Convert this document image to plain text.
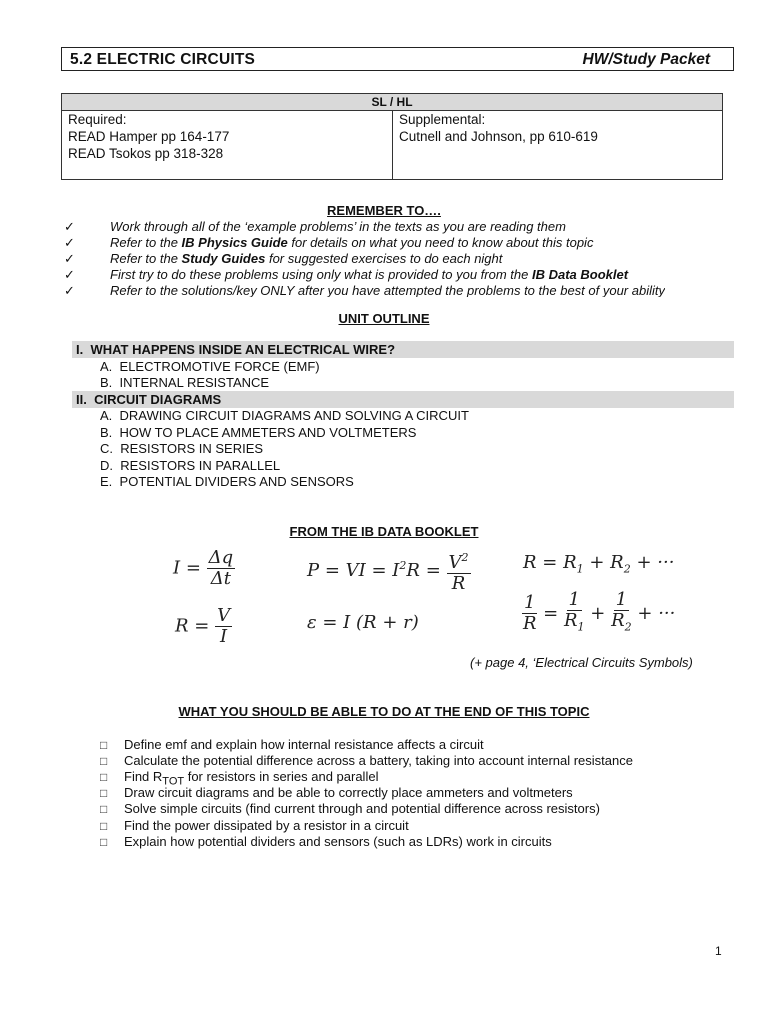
5.2 ELECTRIC CIRCUITS	HW/Study Packet
SL / HL
Required:
READ Hamper pp 164-177
READ Tsokos pp 318-328
Supplemental:
Cutnell and Johnson, pp 610-619
REMEMBER TO….
✓	Work through all of the ‘example problems’ in the texts as you are reading them
✓	Refer to the IB Physics Guide for details on what you need to know about this topic
✓	Refer to the Study Guides for suggested exercises to do each night
✓	First try to do these problems using only what is provided to you from the IB Data Booklet
✓	Refer to the solutions/key ONLY after you have attempted the problems to the best of your ability
UNIT OUTLINE
I. WHAT HAPPENS INSIDE AN ELECTRICAL WIRE?
A. ELECTROMOTIVE FORCE (EMF)
B. INTERNAL RESISTANCE
II. CIRCUIT DIAGRAMS
A. DRAWING CIRCUIT DIAGRAMS AND SOLVING A CIRCUIT
B. HOW TO PLACE AMMETERS AND VOLTMETERS
C. RESISTORS IN SERIES
D. RESISTORS IN PARALLEL
E. POTENTIAL DIVIDERS AND SENSORS
FROM THE IB DATA BOOKLET
$I = \frac{\Delta q}{\Delta t}$	P = VI = $I^2R = \frac{V^2}{R}$	$R = R_1 + R_2$ + ···
$R = \frac{V}{I}$	ε = I (R + r)	$\frac{1}{R} = \frac{1}{R_1} + \frac{1}{R_2}$ + ···
(+ page 4, ‘Electrical Circuits Symbols)
WHAT YOU SHOULD BE ABLE TO DO AT THE END OF THIS TOPIC
□ Define emf and explain how internal resistance affects a circuit
□ Calculate the potential difference across a battery, taking into account internal resistance
□ Find $R_{TOT}$ for resistors in series and parallel
□ Draw circuit diagrams and be able to correctly place ammeters and voltmeters
□ Solve simple circuits (find current through and potential difference across resistors)
□ Find the power dissipated by a resistor in a circuit
□ Explain how potential dividers and sensors (such as LDRs) work in circuits
1
